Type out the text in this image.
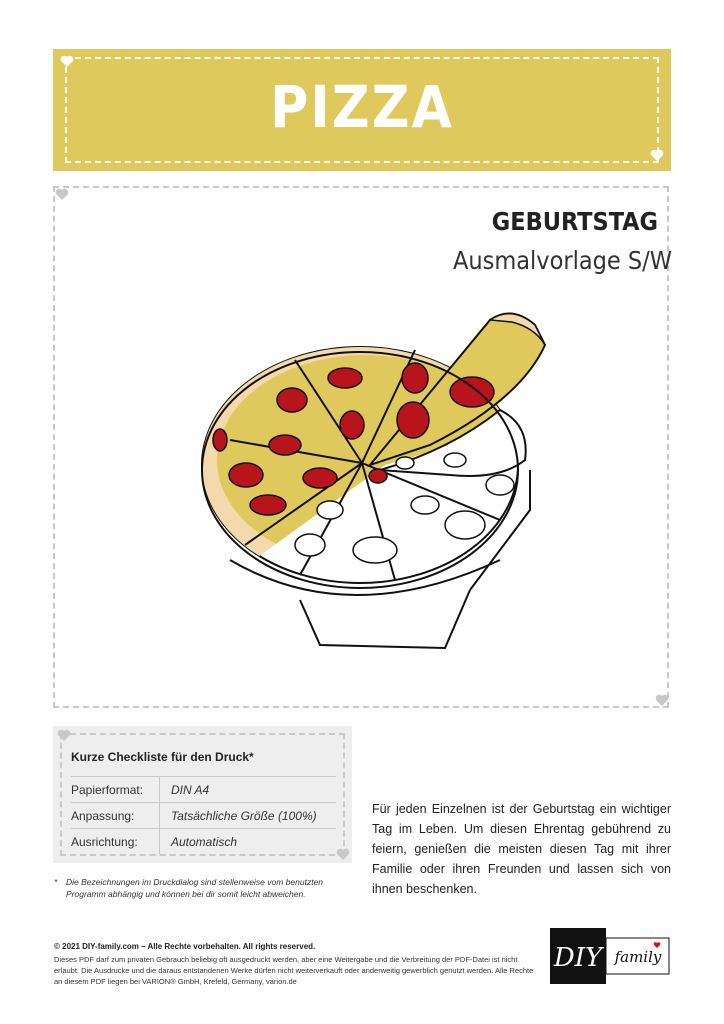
PIZZA
GEBURTSTAG
Ausmalvorlage S/W
Kurze Checkliste für den Druck*
Papierformat: DIN A4
Anpassung:	Tatsächliche Größe (100%)
Ausrichtung:	Automatisch
* Die Bezeichnungen im Druckdialog sind stellenweise vom benutzten Programm abhängig und können bei dir somit leicht abweichen.
Für jeden Einzelnen ist der Geburtstag ein wichtiger Tag im Leben. Um diesen Ehrentag gebührend zu feiern, genießen die meisten diesen Tag mit ihrer Familie oder ihren Freunden und lassen sich von ihnen beschenken.
© 2021 DIY-family.com – Alle Rechte vorbehalten. All rights reserved.
Dieses PDF darf zum privaten Gebrauch beliebig oft ausgedruckt werden, aber eine Weitergabe und die Verbreitung der PDF-Datei ist nicht erlaubt. Die Ausdrucke und die daraus entstandenen Werke dürfen nicht weiterverkauft oder anderweitig gewerblich genutzt werden. Alle Rechte an diesem PDF liegen bei VARION® GmbH, Krefeld, Germany, varion.de
DIY family
